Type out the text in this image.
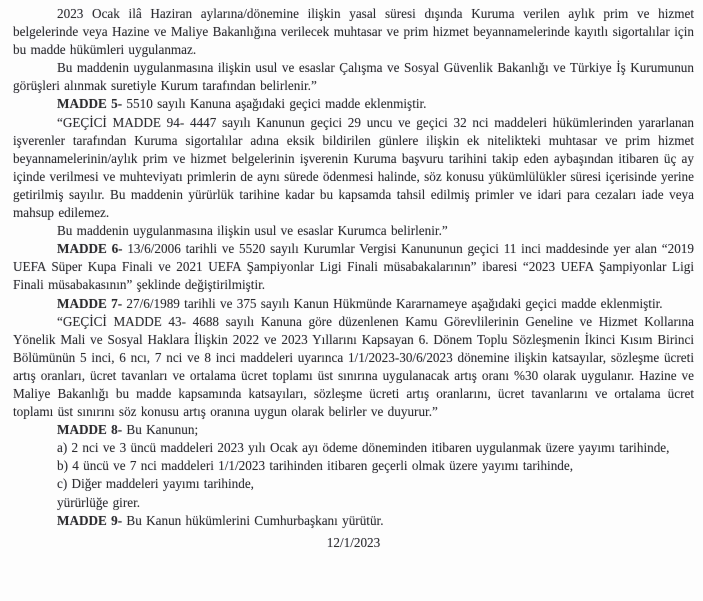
2023 Ocak ilâ Haziran aylarına/dönemine ilişkin yasal süresi dışında Kuruma verilen aylık prim ve hizmet belgelerinde veya Hazine ve Maliye Bakanlığına verilecek muhtasar ve prim hizmet beyannamelerinde kayıtlı sigortalılar için bu madde hükümleri uygulanmaz.

Bu maddenin uygulanmasına ilişkin usul ve esaslar Çalışma ve Sosyal Güvenlik Bakanlığı ve Türkiye İş Kurumunun görüşleri alınmak suretiyle Kurum tarafından belirlenir.”

MADDE 5- 5510 sayılı Kanuna aşağıdaki geçici madde eklenmiştir.

“GEÇİCİ MADDE 94- 4447 sayılı Kanunun geçici 29 uncu ve geçici 32 nci maddeleri hükümlerinden yararlanan işverenler tarafından Kuruma sigortalılar adına eksik bildirilen günlere ilişkin ek nitelikteki muhtasar ve prim hizmet beyannamelerinin/aylık prim ve hizmet belgelerinin işverenin Kuruma başvuru tarihini takip eden aybaşından itibaren üç ay içinde verilmesi ve muhteviyatı primlerin de aynı sürede ödenmesi halinde, söz konusu yükümlülükler süresi içerisinde yerine getirilmiş sayılır. Bu maddenin yürürlük tarihine kadar bu kapsamda tahsil edilmiş primler ve idari para cezaları iade veya mahsup edilemez.

Bu maddenin uygulanmasına ilişkin usul ve esaslar Kurumca belirlenir.”

MADDE 6- 13/6/2006 tarihli ve 5520 sayılı Kurumlar Vergisi Kanununun geçici 11 inci maddesinde yer alan “2019 UEFA Süper Kupa Finali ve 2021 UEFA Şampiyonlar Ligi Finali müsabakalarının” ibaresi “2023 UEFA Şampiyonlar Ligi Finali müsabakasının” şeklinde değiştirilmiştir.

MADDE 7- 27/6/1989 tarihli ve 375 sayılı Kanun Hükmünde Kararnameye aşağıdaki geçici madde eklenmiştir.

“GEÇİCİ MADDE 43- 4688 sayılı Kanuna göre düzenlenen Kamu Görevlilerinin Geneline ve Hizmet Kollarına Yönelik Mali ve Sosyal Haklara İlişkin 2022 ve 2023 Yıllarını Kapsayan 6. Dönem Toplu Sözleşmenin İkinci Kısım Birinci Bölümünün 5 inci, 6 ncı, 7 nci ve 8 inci maddeleri uyarınca 1/1/2023-30/6/2023 dönemine ilişkin katsayılar, sözleşme ücreti artış oranları, ücret tavanları ve ortalama ücret toplamı üst sınırına uygulanacak artış oranı %30 olarak uygulanır. Hazine ve Maliye Bakanlığı bu madde kapsamında katsayıları, sözleşme ücreti artış oranlarını, ücret tavanlarını ve ortalama ücret toplamı üst sınırını söz konusu artış oranına uygun olarak belirler ve duyurur.”

MADDE 8- Bu Kanunun;

a) 2 nci ve 3 üncü maddeleri 2023 yılı Ocak ayı ödeme döneminden itibaren uygulanmak üzere yayımı tarihinde,

b) 4 üncü ve 7 nci maddeleri 1/1/2023 tarihinden itibaren geçerli olmak üzere yayımı tarihinde,

c) Diğer maddeleri yayımı tarihinde,

yürürlüğe girer.

MADDE 9- Bu Kanun hükümlerini Cumhurbaşkanı yürütür.

12/1/2023
